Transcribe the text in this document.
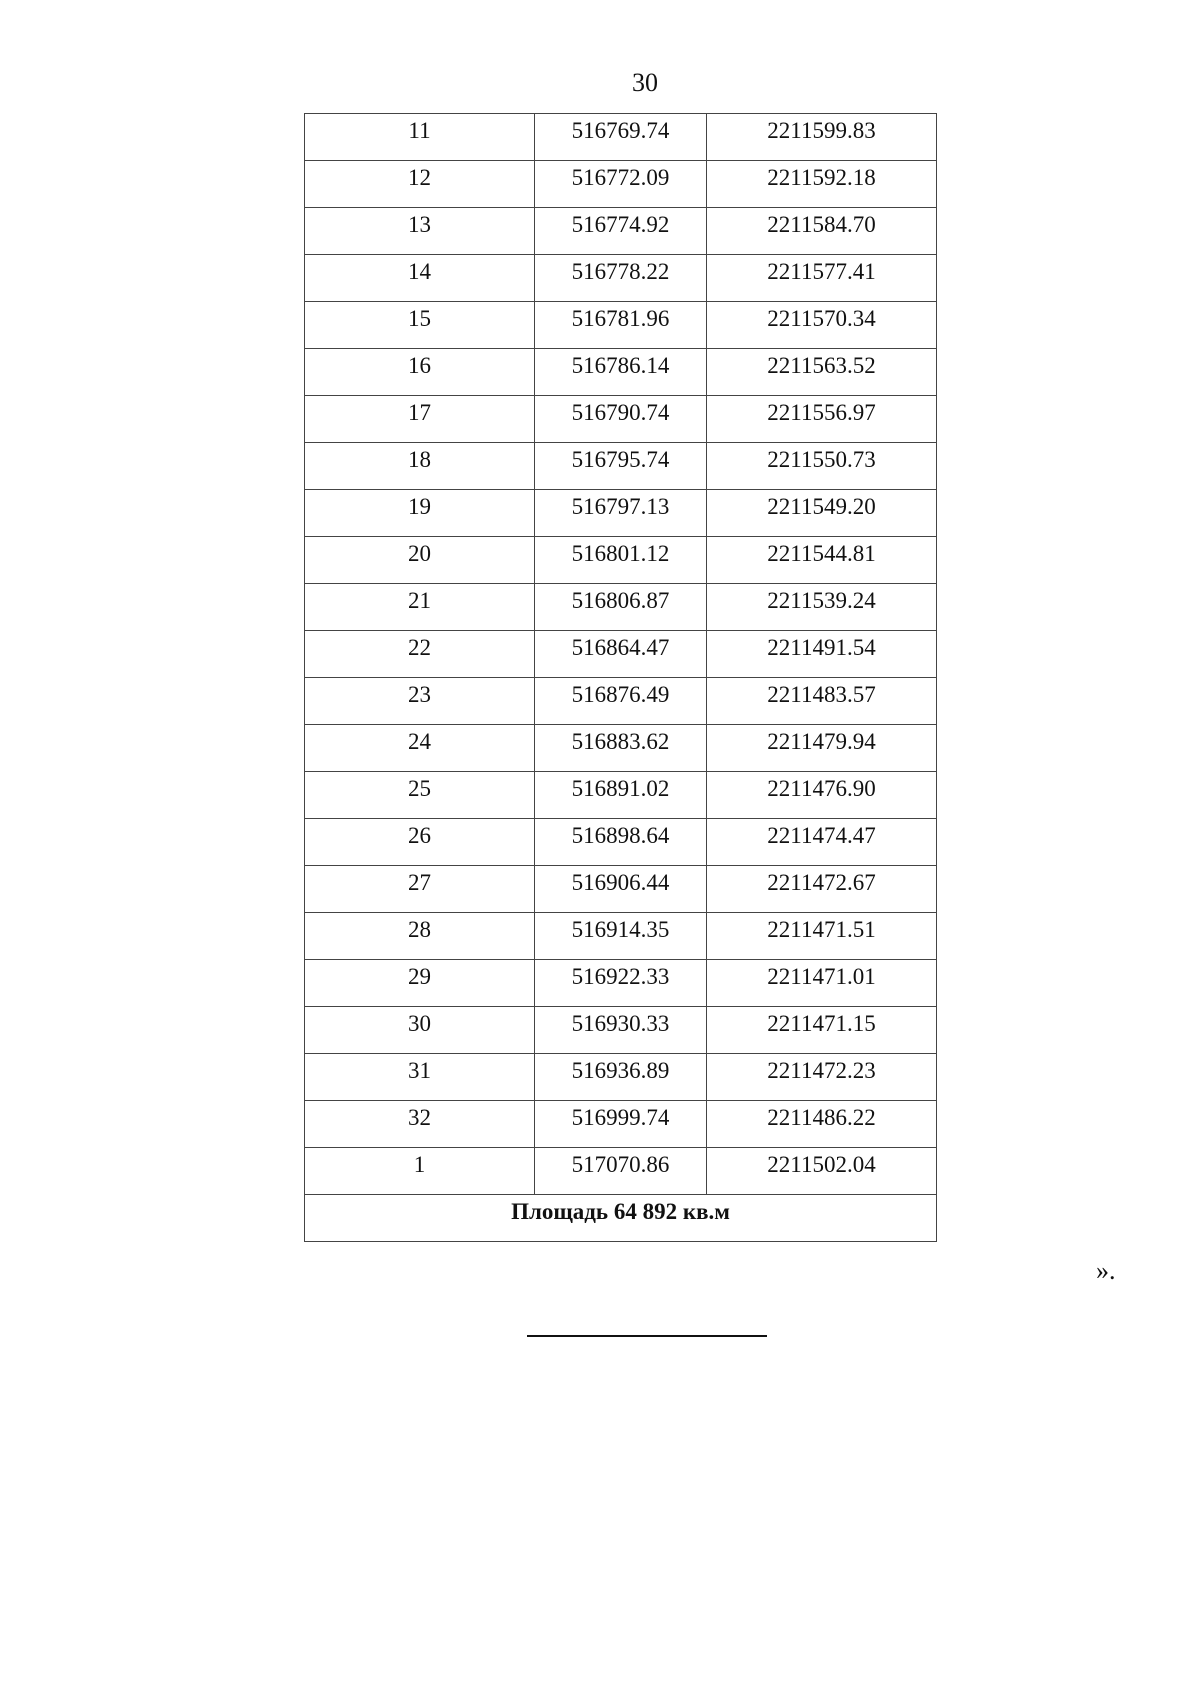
30
11	516769.74	2211599.83
12	516772.09	2211592.18
13	516774.92	2211584.70
14	516778.22	2211577.41
15	516781.96	2211570.34
16	516786.14	2211563.52
17	516790.74	2211556.97
18	516795.74	2211550.73
19	516797.13	2211549.20
20	516801.12	2211544.81
21	516806.87	2211539.24
22	516864.47	2211491.54
23	516876.49	2211483.57
24	516883.62	2211479.94
25	516891.02	2211476.90
26	516898.64	2211474.47
27	516906.44	2211472.67
28	516914.35	2211471.51
29	516922.33	2211471.01
30	516930.33	2211471.15
31	516936.89	2211472.23
32	516999.74	2211486.22
1	517070.86	2211502.04
Площадь 64 892 кв.м		
».
